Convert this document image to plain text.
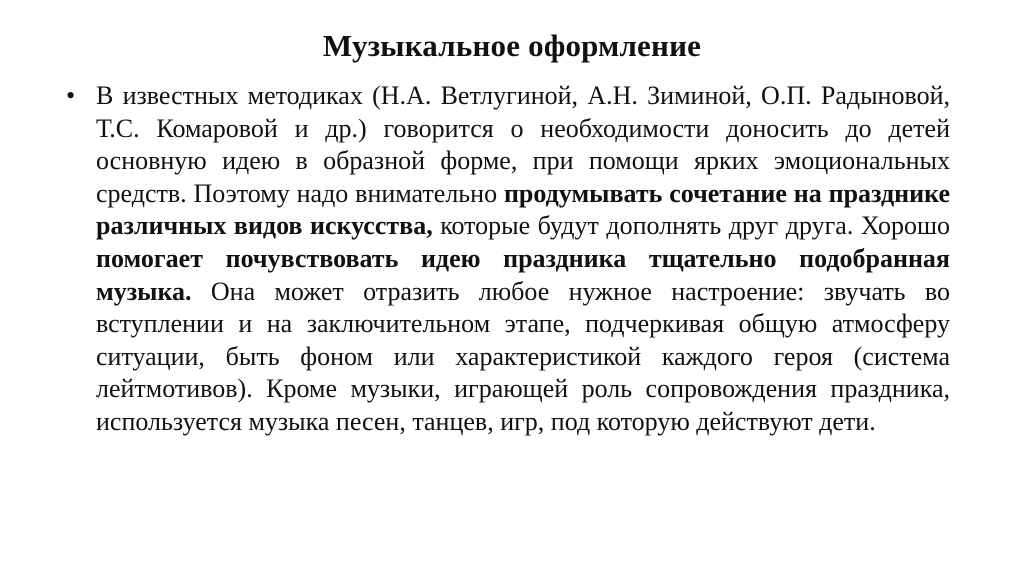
Музыкальное оформление
• В известных методиках (Н.А. Ветлугиной, А.Н. Зиминой, О.П. Радыновой, Т.С. Комаровой и др.) говорится о необходимости доносить до детей основную идею в образной форме, при помощи ярких эмоциональных средств. Поэтому надо внимательно продумывать сочетание на празднике различных видов искусства, которые будут дополнять друг друга. Хорошо помогает почувствовать идею праздника тщательно подобранная музыка. Она может отразить любое нужное настроение: звучать во вступлении и на заключительном этапе, подчеркивая общую атмосферу ситуации, быть фоном или характеристикой каждого героя (система лейтмотивов). Кроме музыки, играющей роль сопровождения праздника, используется музыка песен, танцев, игр, под которую действуют дети.
